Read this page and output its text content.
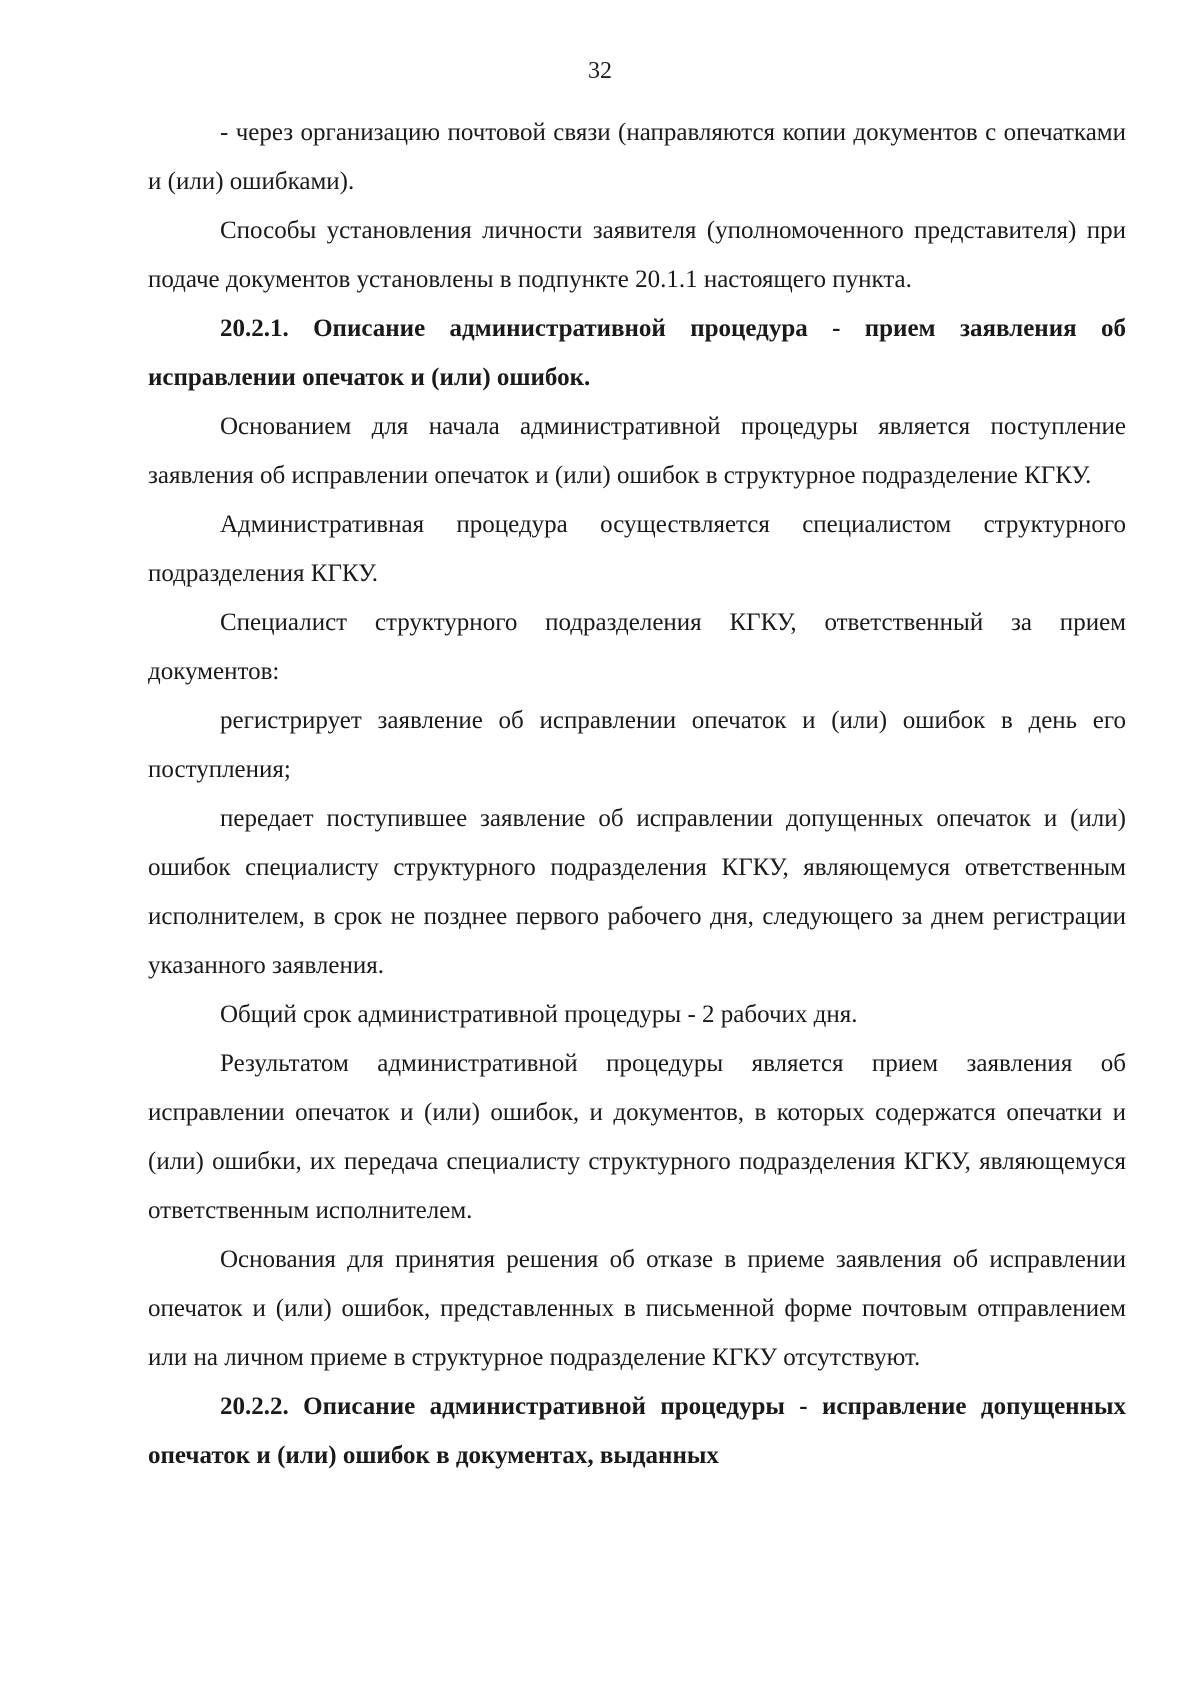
32

- через организацию почтовой связи (направляются копии документов с опечатками и (или) ошибками).

Способы установления личности заявителя (уполномоченного представителя) при подаче документов установлены в подпункте 20.1.1 настоящего пункта.

20.2.1. Описание административной процедура - прием заявления об исправлении опечаток и (или) ошибок.

Основанием для начала административной процедуры является поступление заявления об исправлении опечаток и (или) ошибок в структурное подразделение КГКУ.

Административная процедура осуществляется специалистом структурного подразделения КГКУ.

Специалист структурного подразделения КГКУ, ответственный за прием документов:

регистрирует заявление об исправлении опечаток и (или) ошибок в день его поступления;

передает поступившее заявление об исправлении допущенных опечаток и (или) ошибок специалисту структурного подразделения КГКУ, являющемуся ответственным исполнителем, в срок не позднее первого рабочего дня, следующего за днем регистрации указанного заявления.

Общий срок административной процедуры - 2 рабочих дня.

Результатом административной процедуры является прием заявления об исправлении опечаток и (или) ошибок, и документов, в которых содержатся опечатки и (или) ошибки, их передача специалисту структурного подразделения КГКУ, являющемуся ответственным исполнителем.

Основания для принятия решения об отказе в приеме заявления об исправлении опечаток и (или) ошибок, представленных в письменной форме почтовым отправлением или на личном приеме в структурное подразделение КГКУ отсутствуют.

20.2.2. Описание административной процедуры - исправление допущенных опечаток и (или) ошибок в документах, выданных
